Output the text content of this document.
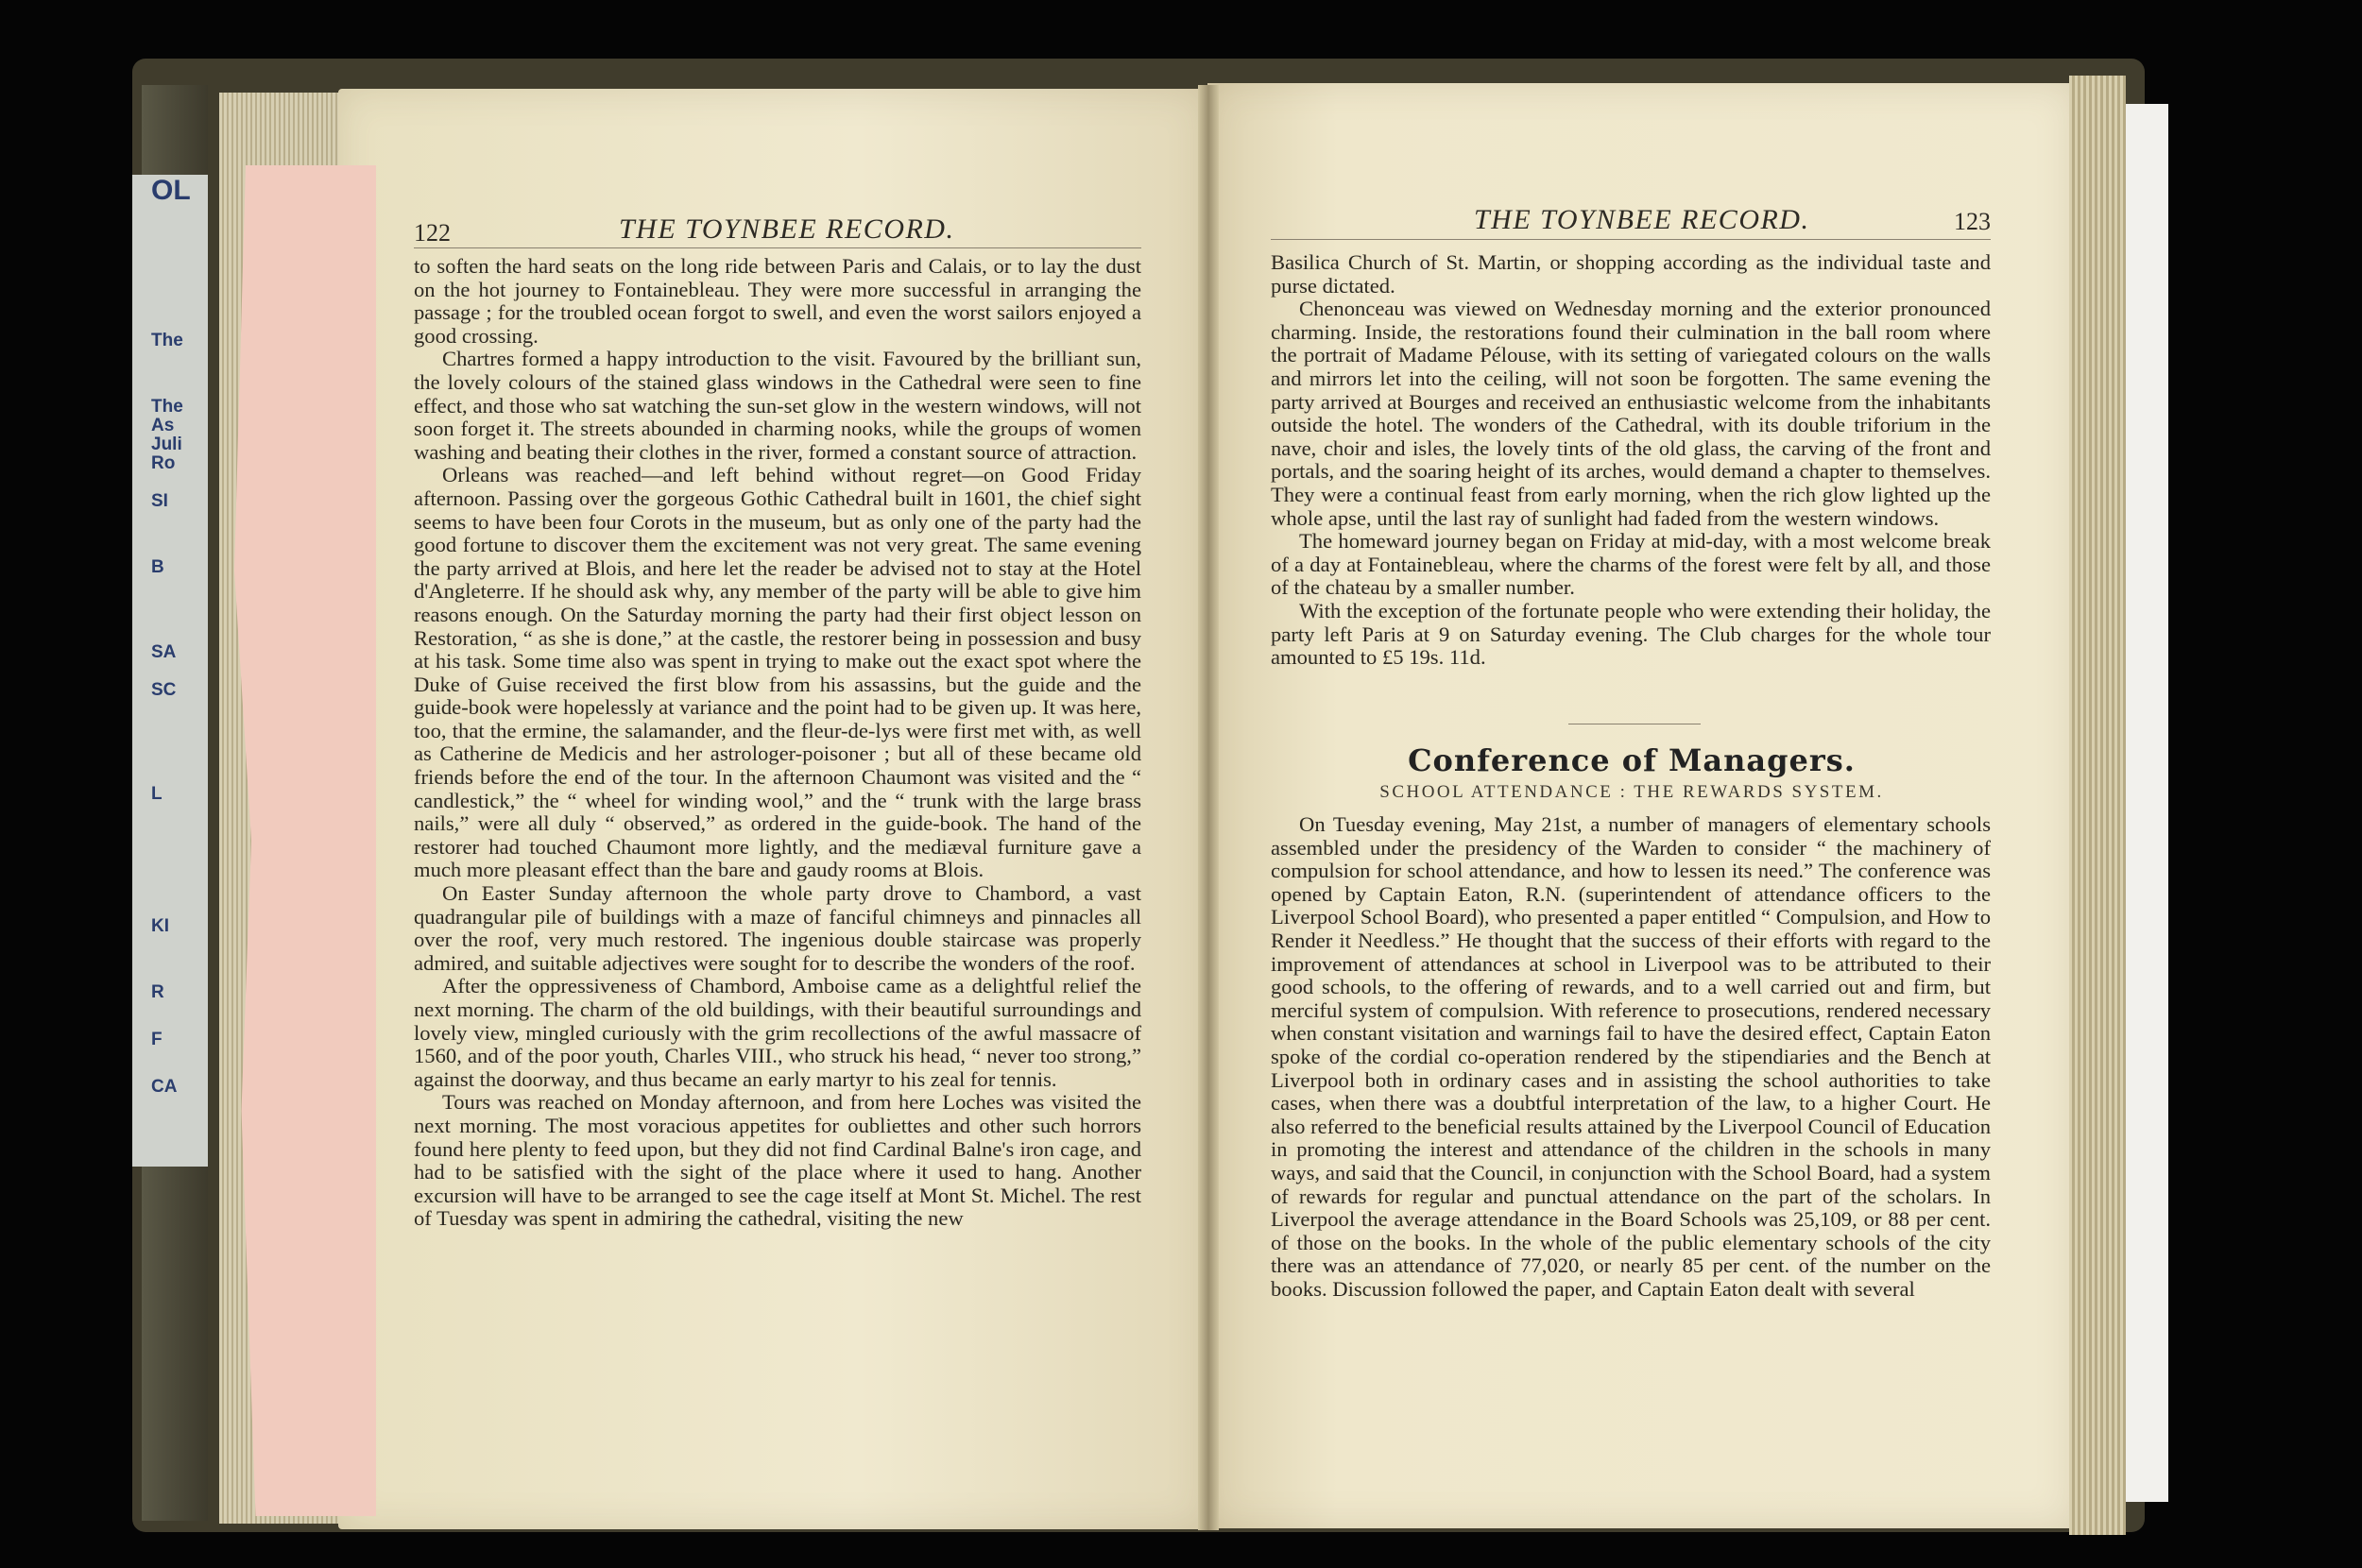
OL
The
The
As
Juli
Ro
SI
B
SA
SC
L
KI
R
F
CA
122	THE TOYNBEE RECORD.

to soften the hard seats on the long ride between Paris and Calais, or to lay the dust on the hot journey to Fontainebleau. They were more successful in arranging the passage ; for the troubled ocean forgot to swell, and even the worst sailors enjoyed a good crossing.

Chartres formed a happy introduction to the visit. Favoured by the brilliant sun, the lovely colours of the stained glass windows in the Cathedral were seen to fine effect, and those who sat watching the sun-set glow in the western windows, will not soon forget it. The streets abounded in charming nooks, while the groups of women washing and beating their clothes in the river, formed a constant source of attraction.

Orleans was reached—and left behind without regret—on Good Friday afternoon. Passing over the gorgeous Gothic Cathedral built in 1601, the chief sight seems to have been four Corots in the museum, but as only one of the party had the good fortune to discover them the excitement was not very great. The same evening the party arrived at Blois, and here let the reader be advised not to stay at the Hotel d'Angleterre. If he should ask why, any member of the party will be able to give him reasons enough. On the Saturday morning the party had their first object lesson on Restoration, “ as she is done,” at the castle, the restorer being in possession and busy at his task. Some time also was spent in trying to make out the exact spot where the Duke of Guise received the first blow from his assassins, but the guide and the guide-book were hopelessly at variance and the point had to be given up. It was here, too, that the ermine, the salamander, and the fleur-de-lys were first met with, as well as Catherine de Medicis and her astrologer-poisoner ; but all of these became old friends before the end of the tour. In the afternoon Chaumont was visited and the “ candlestick,” the “ wheel for winding wool,” and the “ trunk with the large brass nails,” were all duly “ observed,” as ordered in the guide-book. The hand of the restorer had touched Chaumont more lightly, and the mediæval furniture gave a much more pleasant effect than the bare and gaudy rooms at Blois.

On Easter Sunday afternoon the whole party drove to Chambord, a vast quadrangular pile of buildings with a maze of fanciful chimneys and pinnacles all over the roof, very much restored. The ingenious double staircase was properly admired, and suitable adjectives were sought for to describe the wonders of the roof.

After the oppressiveness of Chambord, Amboise came as a delightful relief the next morning. The charm of the old buildings, with their beautiful surroundings and lovely view, mingled curiously with the grim recollections of the awful massacre of 1560, and of the poor youth, Charles VIII., who struck his head, “ never too strong,” against the doorway, and thus became an early martyr to his zeal for tennis.

Tours was reached on Monday afternoon, and from here Loches was visited the next morning. The most voracious appetites for oubliettes and other such horrors found here plenty to feed upon, but they did not find Cardinal Balne's iron cage, and had to be satisfied with the sight of the place where it used to hang. Another excursion will have to be arranged to see the cage itself at Mont St. Michel. The rest of Tuesday was spent in admiring the cathedral, visiting the new

THE TOYNBEE RECORD.	123

Basilica Church of St. Martin, or shopping according as the individual taste and purse dictated.

Chenonceau was viewed on Wednesday morning and the exterior pronounced charming. Inside, the restorations found their culmination in the ball room where the portrait of Madame Pélouse, with its setting of variegated colours on the walls and mirrors let into the ceiling, will not soon be forgotten. The same evening the party arrived at Bourges and received an enthusiastic welcome from the inhabitants outside the hotel. The wonders of the Cathedral, with its double triforium in the nave, choir and isles, the lovely tints of the old glass, the carving of the front and portals, and the soaring height of its arches, would demand a chapter to themselves. They were a continual feast from early morning, when the rich glow lighted up the whole apse, until the last ray of sunlight had faded from the western windows.

The homeward journey began on Friday at mid-day, with a most welcome break of a day at Fontainebleau, where the charms of the forest were felt by all, and those of the chateau by a smaller number.

With the exception of the fortunate people who were extending their holiday, the party left Paris at 9 on Saturday evening. The Club charges for the whole tour amounted to £5 19s. 11d.

Conference of Managers.
SCHOOL ATTENDANCE : THE REWARDS SYSTEM.

On Tuesday evening, May 21st, a number of managers of elementary schools assembled under the presidency of the Warden to consider “ the machinery of compulsion for school attendance, and how to lessen its need.” The conference was opened by Captain Eaton, R.N. (superintendent of attendance officers to the Liverpool School Board), who presented a paper entitled “ Compulsion, and How to Render it Needless.” He thought that the success of their efforts with regard to the improvement of attendances at school in Liverpool was to be attributed to their good schools, to the offering of rewards, and to a well carried out and firm, but merciful system of compulsion. With reference to prosecutions, rendered necessary when constant visitation and warnings fail to have the desired effect, Captain Eaton spoke of the cordial co-operation rendered by the stipendiaries and the Bench at Liverpool both in ordinary cases and in assisting the school authorities to take cases, when there was a doubtful interpretation of the law, to a higher Court. He also referred to the beneficial results attained by the Liverpool Council of Education in promoting the interest and attendance of the children in the schools in many ways, and said that the Council, in conjunction with the School Board, had a system of rewards for regular and punctual attendance on the part of the scholars. In Liverpool the average attendance in the Board Schools was 25,109, or 88 per cent. of those on the books. In the whole of the public elementary schools of the city there was an attendance of 77,020, or nearly 85 per cent. of the number on the books. Discussion followed the paper, and Captain Eaton dealt with several
